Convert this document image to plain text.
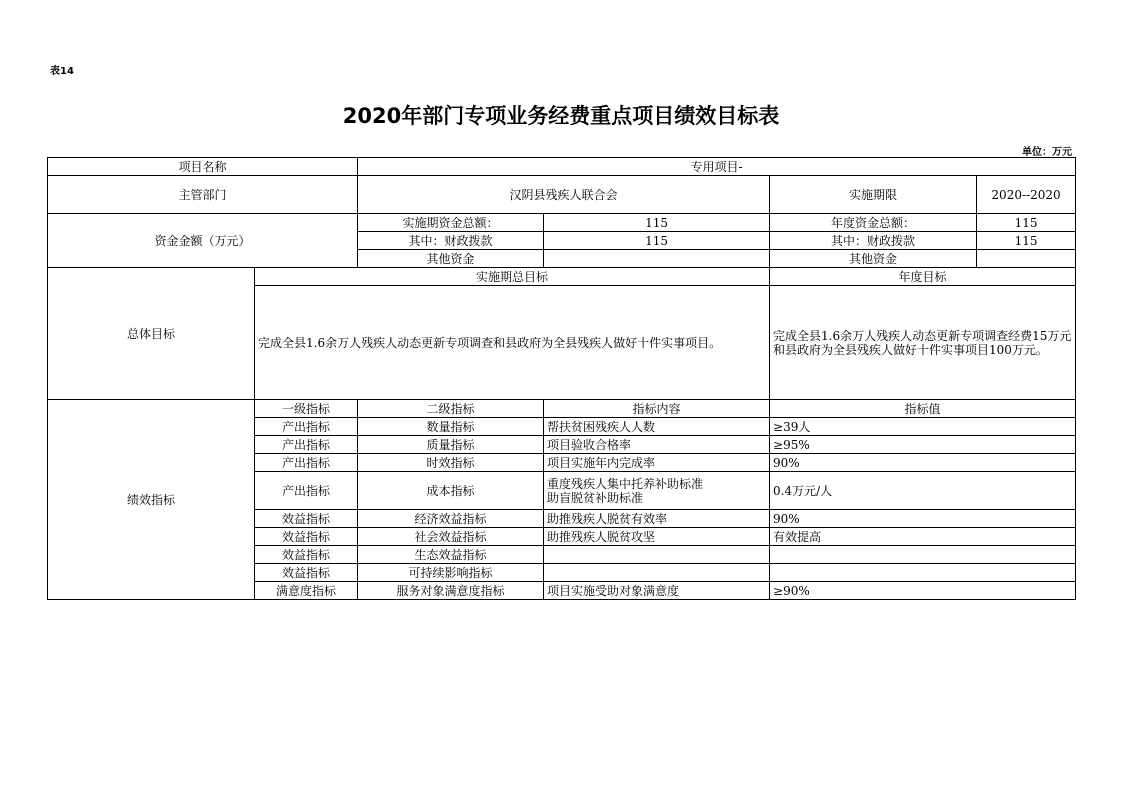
表14
2020年部门专项业务经费重点项目绩效目标表
单位：万元
项目名称		专用项目-			
主管部门		汉阴县残疾人联合会		实施期限	2020--2020
资金金额（万元）		实施期资金总额：	115	年度资金总额：	115
		其中：财政拨款	115	其中：财政拨款	115
		其他资金		其他资金	
总体目标	实施期总目标			年度目标	
	完成全县1.6余万人残疾人动态更新专项调查和县政府为全县残疾人做好十件实事项目。			完成全县1.6余万人残疾人动态更新专项调查经费15万元和县政府为全县残疾人做好十件实事项目100万元。	
绩效指标	一级指标	二级指标	指标内容	指标值	
	产出指标	数量指标	帮扶贫困残疾人人数	≥39人	
	产出指标	质量指标	项目验收合格率	≥95%	
	产出指标	时效指标	项目实施年内完成率	90%	
	产出指标	成本指标	重度残疾人集中托养补助标准
助盲脱贫补助标准	0.4万元/人	
	效益指标	经济效益指标	助推残疾人脱贫有效率	90%	
	效益指标	社会效益指标	助推残疾人脱贫攻坚	有效提高	
	效益指标	生态效益指标			
	效益指标	可持续影响指标			
	满意度指标	服务对象满意度指标	项目实施受助对象满意度	≥90%	
